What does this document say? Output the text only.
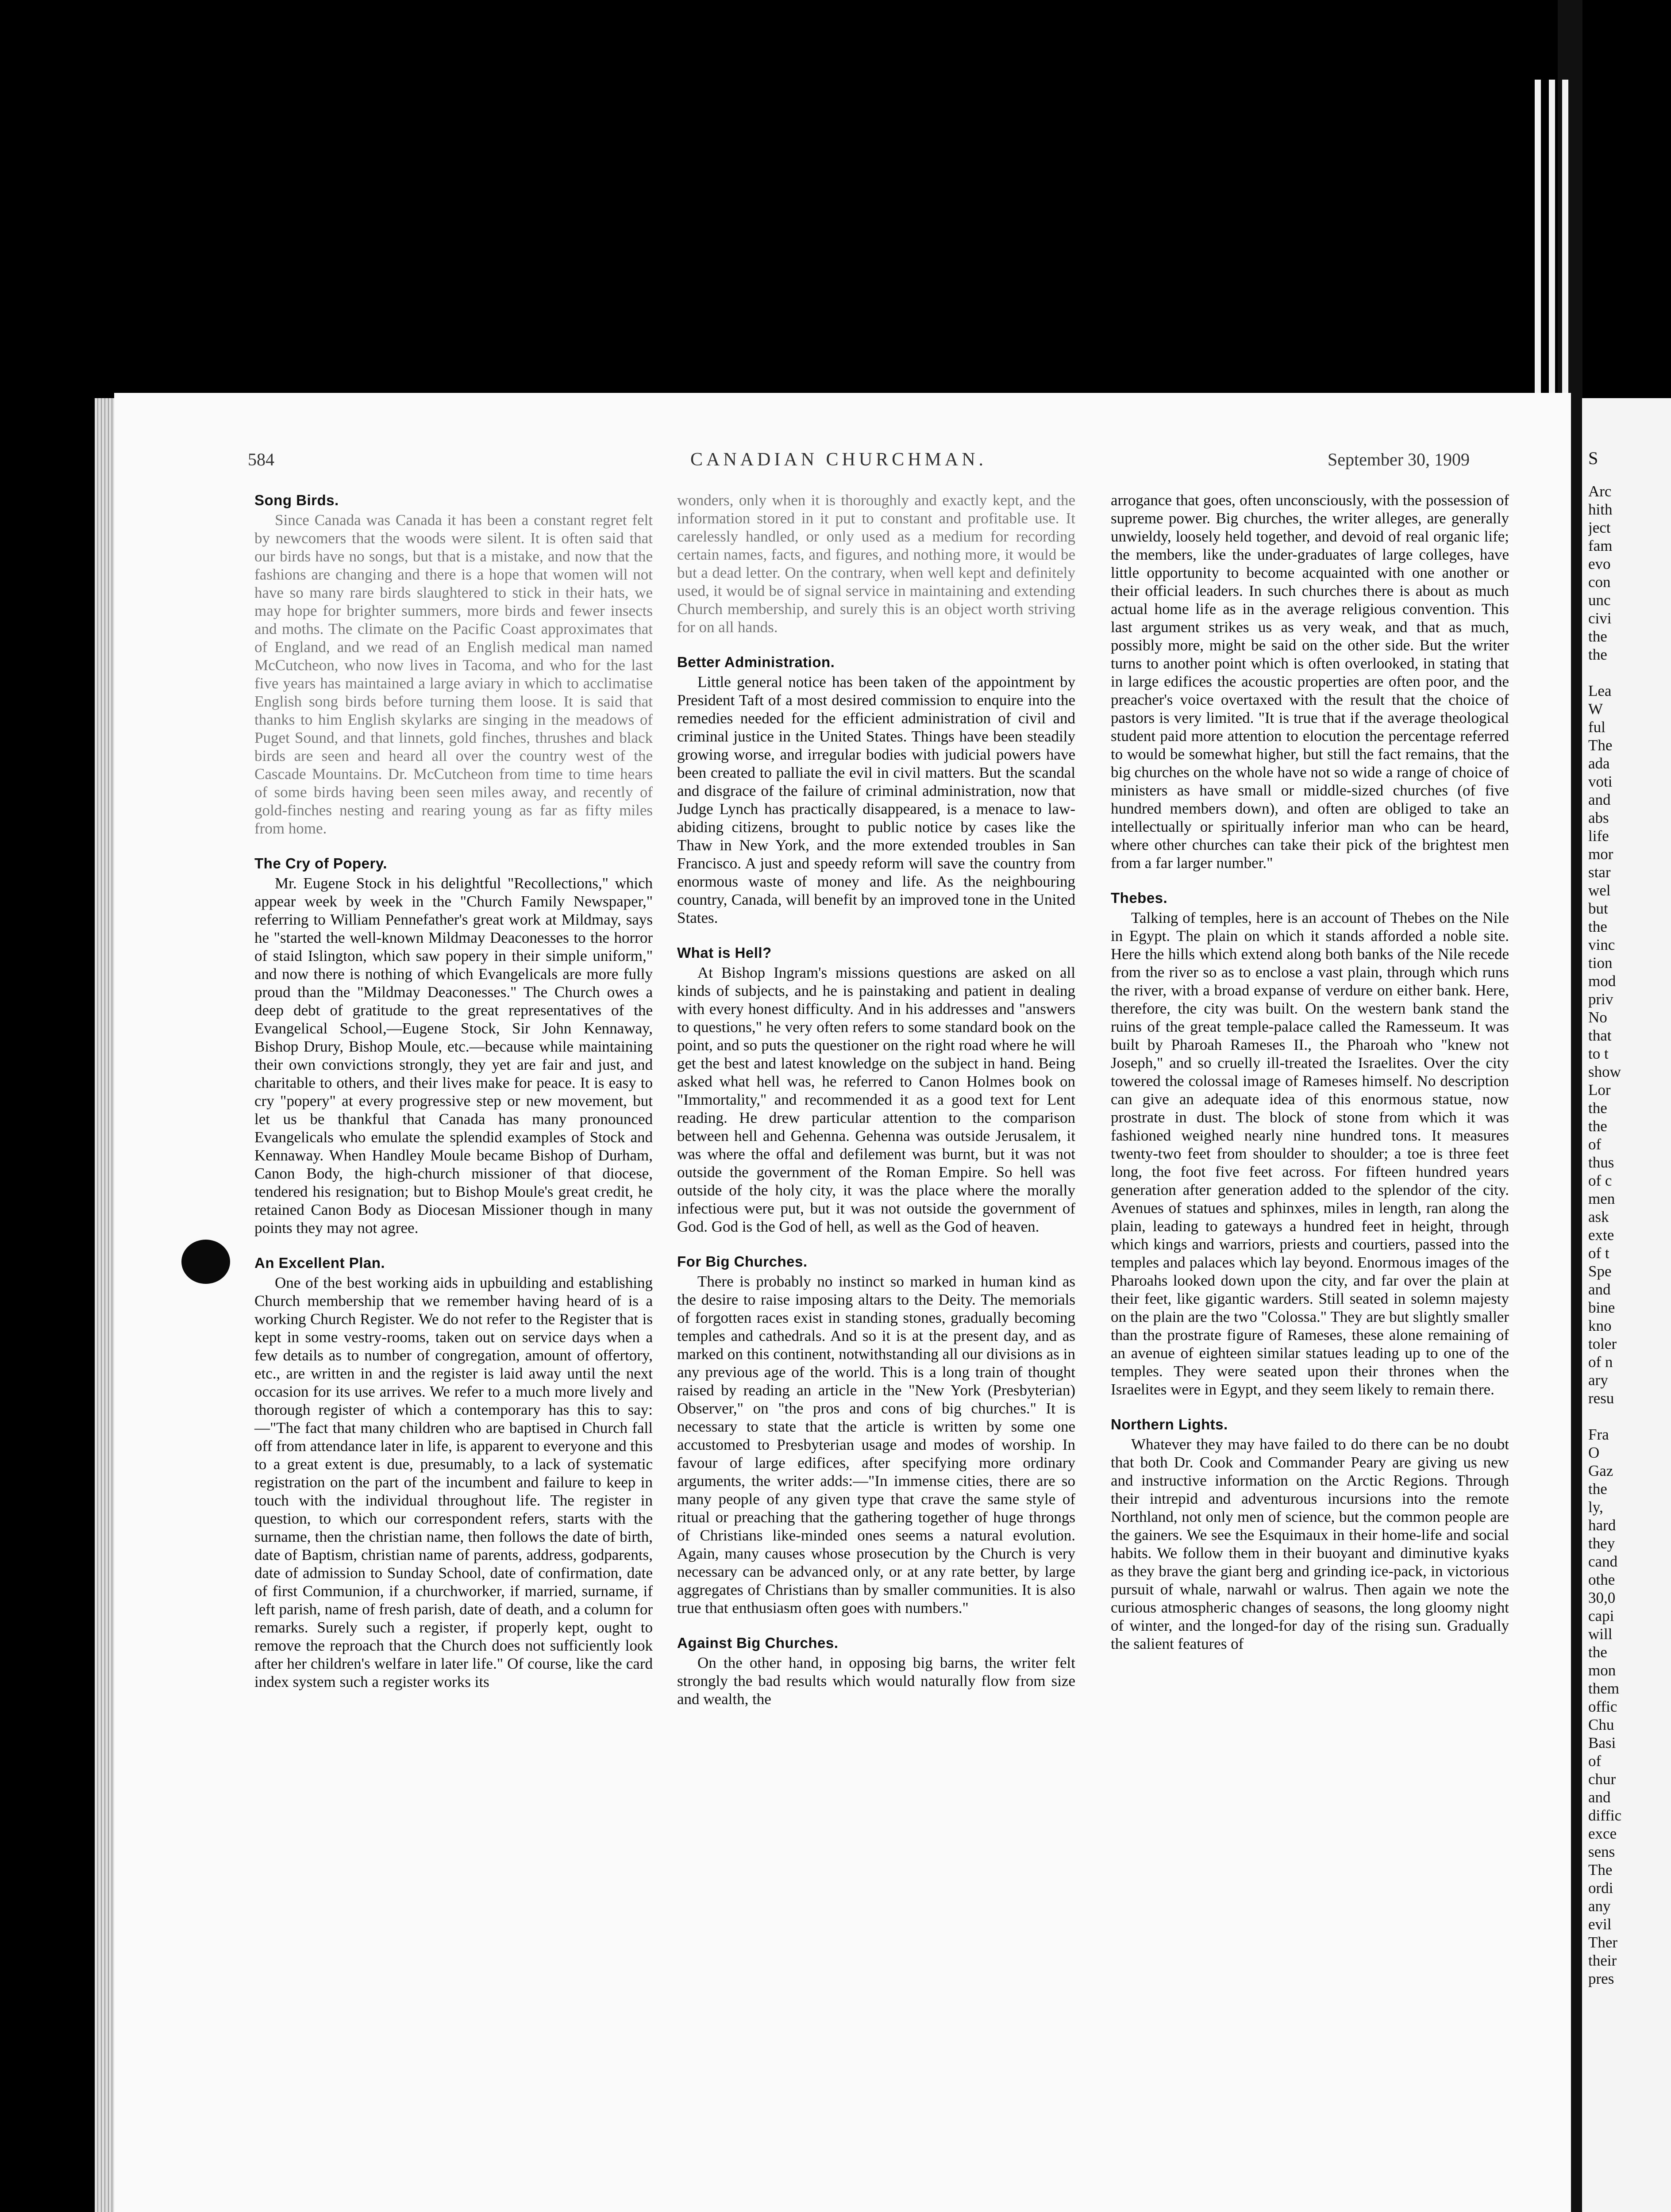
584	CANADIAN CHURCHMAN.	September 30, 1909
Song Birds.

Since Canada was Canada it has been a constant regret felt by newcomers that the woods were silent. It is often said that our birds have no songs, but that is a mistake, and now that the fashions are changing and there is a hope that women will not have so many rare birds slaughtered to stick in their hats, we may hope for brighter summers, more birds and fewer insects and moths. The climate on the Pacific Coast approximates that of England, and we read of an English medical man named McCutcheon, who now lives in Tacoma, and who for the last five years has maintained a large aviary in which to acclimatise English song birds before turning them loose. It is said that thanks to him English skylarks are singing in the meadows of Puget Sound, and that linnets, gold finches, thrushes and black birds are seen and heard all over the country west of the Cascade Mountains. Dr. McCutcheon from time to time hears of some birds having been seen miles away, and recently of gold-finches nesting and rearing young as far as fifty miles from home.

The Cry of Popery.

Mr. Eugene Stock in his delightful "Recollections," which appear week by week in the "Church Family Newspaper," referring to William Pennefather's great work at Mildmay, says he "started the well-known Mildmay Deaconesses to the horror of staid Islington, which saw popery in their simple uniform," and now there is nothing of which Evangelicals are more fully proud than the "Mildmay Deaconesses." The Church owes a deep debt of gratitude to the great representatives of the Evangelical School,—Eugene Stock, Sir John Kennaway, Bishop Drury, Bishop Moule, etc.—because while maintaining their own convictions strongly, they yet are fair and just, and charitable to others, and their lives make for peace. It is easy to cry "popery" at every progressive step or new movement, but let us be thankful that Canada has many pronounced Evangelicals who emulate the splendid examples of Stock and Kennaway. When Handley Moule became Bishop of Durham, Canon Body, the high-church missioner of that diocese, tendered his resignation; but to Bishop Moule's great credit, he retained Canon Body as Diocesan Missioner though in many points they may not agree.

An Excellent Plan.

One of the best working aids in upbuilding and establishing Church membership that we remember having heard of is a working Church Register. We do not refer to the Register that is kept in some vestry-rooms, taken out on service days when a few details as to number of congregation, amount of offertory, etc., are written in and the register is laid away until the next occasion for its use arrives. We refer to a much more lively and thorough register of which a contemporary has this to say:—"The fact that many children who are baptised in Church fall off from attendance later in life, is apparent to everyone and this to a great extent is due, presumably, to a lack of systematic registration on the part of the incumbent and failure to keep in touch with the individual throughout life. The register in question, to which our correspondent refers, starts with the surname, then the christian name, then follows the date of birth, date of Baptism, christian name of parents, address, godparents, date of admission to Sunday School, date of confirmation, date of first Communion, if a churchworker, if married, surname, if left parish, name of fresh parish, date of death, and a column for remarks. Surely such a register, if properly kept, ought to remove the reproach that the Church does not sufficiently look after her children's welfare in later life." Of course, like the card index system such a register works its

wonders, only when it is thoroughly and exactly kept, and the information stored in it put to constant and profitable use. It carelessly handled, or only used as a medium for recording certain names, facts, and figures, and nothing more, it would be but a dead letter. On the contrary, when well kept and definitely used, it would be of signal service in maintaining and extending Church membership, and surely this is an object worth striving for on all hands.

Better Administration.

Little general notice has been taken of the appointment by President Taft of a most desired commission to enquire into the remedies needed for the efficient administration of civil and criminal justice in the United States. Things have been steadily growing worse, and irregular bodies with judicial powers have been created to palliate the evil in civil matters. But the scandal and disgrace of the failure of criminal administration, now that Judge Lynch has practically disappeared, is a menace to law-abiding citizens, brought to public notice by cases like the Thaw in New York, and the more extended troubles in San Francisco. A just and speedy reform will save the country from enormous waste of money and life. As the neighbouring country, Canada, will benefit by an improved tone in the United States.

What is Hell?

At Bishop Ingram's missions questions are asked on all kinds of subjects, and he is painstaking and patient in dealing with every honest difficulty. And in his addresses and "answers to questions," he very often refers to some standard book on the point, and so puts the questioner on the right road where he will get the best and latest knowledge on the subject in hand. Being asked what hell was, he referred to Canon Holmes book on "Immortality," and recommended it as a good text for Lent reading. He drew particular attention to the comparison between hell and Gehenna. Gehenna was outside Jerusalem, it was where the offal and defilement was burnt, but it was not outside the government of the Roman Empire. So hell was outside of the holy city, it was the place where the morally infectious were put, but it was not outside the government of God. God is the God of hell, as well as the God of heaven.

For Big Churches.

There is probably no instinct so marked in human kind as the desire to raise imposing altars to the Deity. The memorials of forgotten races exist in standing stones, gradually becoming temples and cathedrals. And so it is at the present day, and as marked on this continent, notwithstanding all our divisions as in any previous age of the world. This is a long train of thought raised by reading an article in the "New York (Presbyterian) Observer," on "the pros and cons of big churches." It is necessary to state that the article is written by some one accustomed to Presbyterian usage and modes of worship. In favour of large edifices, after specifying more ordinary arguments, the writer adds:—"In immense cities, there are so many people of any given type that crave the same style of ritual or preaching that the gathering together of huge throngs of Christians like-minded ones seems a natural evolution. Again, many causes whose prosecution by the Church is very necessary can be advanced only, or at any rate better, by large aggregates of Christians than by smaller communities. It is also true that enthusiasm often goes with numbers."

Against Big Churches.

On the other hand, in opposing big barns, the writer felt strongly the bad results which would naturally flow from size and wealth, the

arrogance that goes, often unconsciously, with the possession of supreme power. Big churches, the writer alleges, are generally unwieldy, loosely held together, and devoid of real organic life; the members, like the under-graduates of large colleges, have little opportunity to become acquainted with one another or their official leaders. In such churches there is about as much actual home life as in the average religious convention. This last argument strikes us as very weak, and that as much, possibly more, might be said on the other side. But the writer turns to another point which is often overlooked, in stating that in large edifices the acoustic properties are often poor, and the preacher's voice overtaxed with the result that the choice of pastors is very limited. "It is true that if the average theological student paid more attention to elocution the percentage referred to would be somewhat higher, but still the fact remains, that the big churches on the whole have not so wide a range of choice of ministers as have small or middle-sized churches (of five hundred members down), and often are obliged to take an intellectually or spiritually inferior man who can be heard, where other churches can take their pick of the brightest men from a far larger number."

Thebes.

Talking of temples, here is an account of Thebes on the Nile in Egypt. The plain on which it stands afforded a noble site. Here the hills which extend along both banks of the Nile recede from the river so as to enclose a vast plain, through which runs the river, with a broad expanse of verdure on either bank. Here, therefore, the city was built. On the western bank stand the ruins of the great temple-palace called the Ramesseum. It was built by Pharoah Rameses II., the Pharoah who "knew not Joseph," and so cruelly ill-treated the Israelites. Over the city towered the colossal image of Rameses himself. No description can give an adequate idea of this enormous statue, now prostrate in dust. The block of stone from which it was fashioned weighed nearly nine hundred tons. It measures twenty-two feet from shoulder to shoulder; a toe is three feet long, the foot five feet across. For fifteen hundred years generation after generation added to the splendor of the city. Avenues of statues and sphinxes, miles in length, ran along the plain, leading to gateways a hundred feet in height, through which kings and warriors, priests and courtiers, passed into the temples and palaces which lay beyond. Enormous images of the Pharoahs looked down upon the city, and far over the plain at their feet, like gigantic warders. Still seated in solemn majesty on the plain are the two "Colossa." They are but slightly smaller than the prostrate figure of Rameses, these alone remaining of an avenue of eighteen similar statues leading up to one of the temples. They were seated upon their thrones when the Israelites were in Egypt, and they seem likely to remain there.

Northern Lights.

Whatever they may have failed to do there can be no doubt that both Dr. Cook and Commander Peary are giving us new and instructive information on the Arctic Regions. Through their intrepid and adventurous incursions into the remote Northland, not only men of science, but the common people are the gainers. We see the Esquimaux in their home-life and social habits. We follow them in their buoyant and diminutive kyaks as they brave the giant berg and grinding ice-pack, in victorious pursuit of whale, narwahl or walrus. Then again we note the curious atmospheric changes of seasons, the long gloomy night of winter, and the longed-for day of the rising sun. Gradually the salient features of

S
Arc
hith
ject
fam
evo
con
unc
civi
the
the
Lea
W
ful
The
ada
voti
and
abs
life
mor
star
wel
but
the
vinc
tion
mod
priv
No
that
to t
show
Lor
the
the
of
thus
of c
men
ask
exte
of t
Spe
and
bine
kno
toler
of n
ary
resu
Fra
O
Gaz
the
ly,
hard
they
cand
othe
30,0
capi
will
the
mon
them
offic
Chu
Basi
of
chur
and
diffic
exce
sens
The
ordi
any
evil
Ther
their
pres
